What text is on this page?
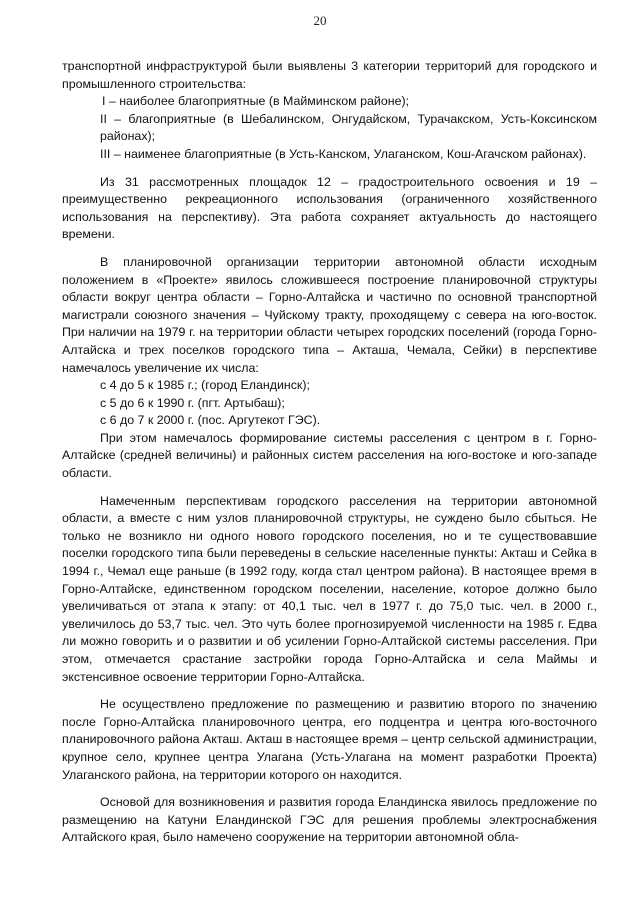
20

транспортной инфраструктурой были выявлены 3 категории территорий для городского и промышленного строительства:

I – наиболее благоприятные (в Майминском районе);

II – благоприятные (в Шебалинском, Онгудайском, Турачакском, Усть-Коксинском районах);

III – наименее благоприятные (в Усть-Канском, Улаганском, Кош-Агачском районах).

Из 31 рассмотренных площадок 12 – градостроительного освоения и 19 – преимущественно рекреационного использования (ограниченного хозяйственного использования на перспективу). Эта работа сохраняет актуальность до настоящего времени.

В планировочной организации территории автономной области исходным положением в «Проекте» явилось сложившееся построение планировочной структуры области вокруг центра области – Горно-Алтайска и частично по основной транспортной магистрали союзного значения – Чуйскому тракту, проходящему с севера на юго-восток. При наличии на 1979 г. на территории области четырех городских поселений (города Горно-Алтайска и трех поселков городского типа – Акташа, Чемала, Сейки) в перспективе намечалось увеличение их числа:

с 4 до 5 к 1985 г.; (город Еландинск);

с 5 до 6 к 1990 г. (пгт. Артыбаш);

с 6 до 7 к 2000 г. (пос. Аргутекот ГЭС).

При этом намечалось формирование системы расселения с центром в г. Горно-Алтайске (средней величины) и районных систем расселения на юго-востоке и юго-западе области.

Намеченным перспективам городского расселения на территории автономной области, а вместе с ним узлов планировочной структуры, не суждено было сбыться. Не только не возникло ни одного нового городского поселения, но и те существовавшие поселки городского типа были переведены в сельские населенные пункты: Акташ и Сейка в 1994 г., Чемал еще раньше (в 1992 году, когда стал центром района). В настоящее время в Горно-Алтайске, единственном городском поселении, население, которое должно было увеличиваться от этапа к этапу: от 40,1 тыс. чел в 1977 г. до 75,0 тыс. чел. в 2000 г., увеличилось до 53,7 тыс. чел. Это чуть более прогнозируемой численности на 1985 г. Едва ли можно говорить и о развитии и об усилении Горно-Алтайской системы расселения. При этом, отмечается срастание застройки города Горно-Алтайска и села Маймы и экстенсивное освоение территории Горно-Алтайска.

Не осуществлено предложение по размещению и развитию второго по значению после Горно-Алтайска планировочного центра, его подцентра и центра юго-восточного планировочного района Акташ. Акташ в настоящее время – центр сельской администрации, крупное село, крупнее центра Улагана (Усть-Улагана на момент разработки Проекта) Улаганского района, на территории которого он находится.

Основой для возникновения и развития города Еландинска явилось предложение по размещению на Катуни Еландинской ГЭС для решения проблемы электроснабжения Алтайского края, было намечено сооружение на территории автономной обла-
